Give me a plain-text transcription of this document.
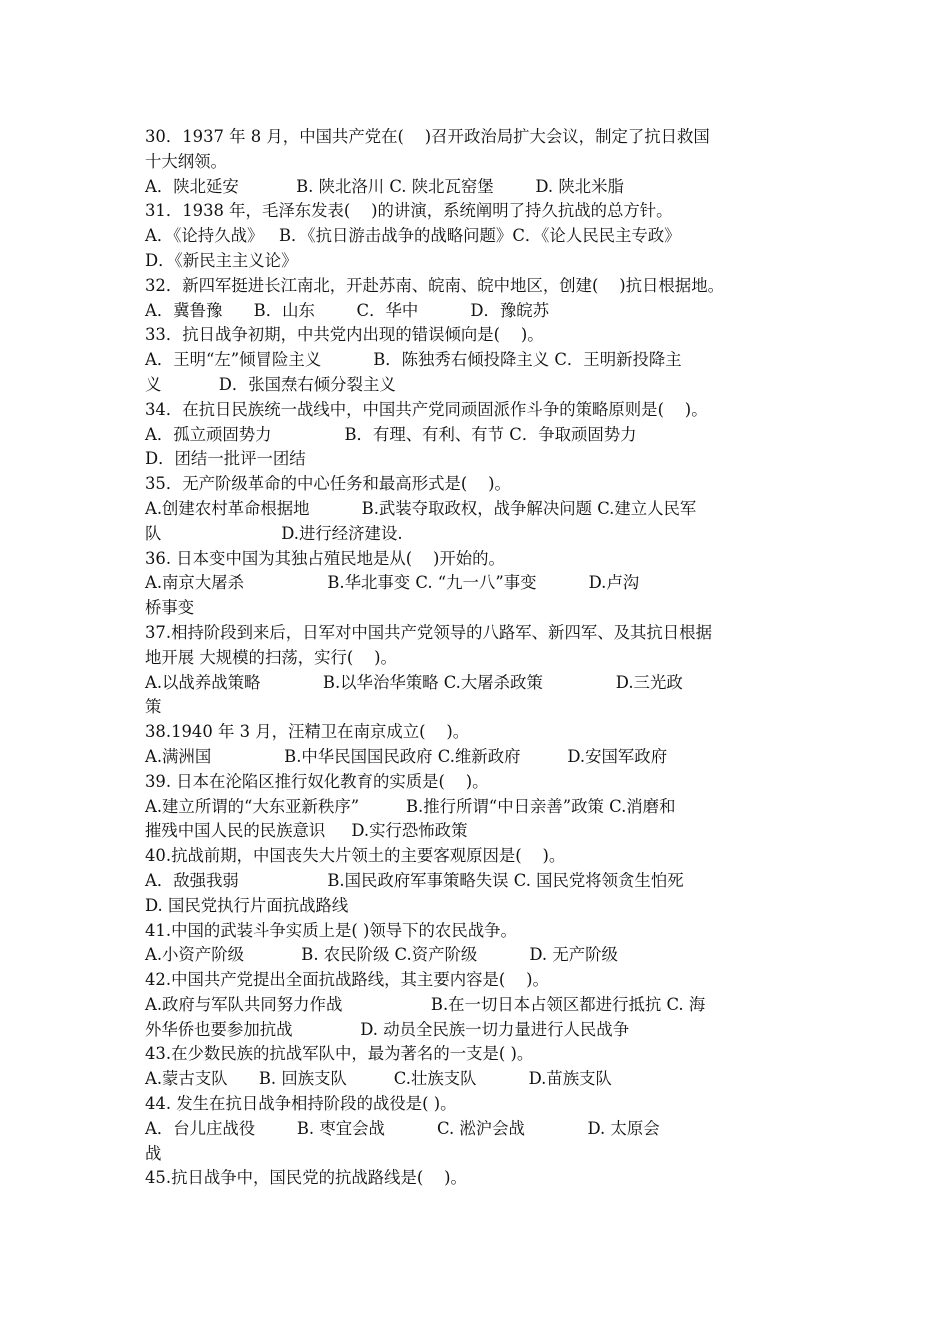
30．1937 年 8 月，中国共产党在(    )召开政治局扩大会议，制定了抗日救国
十大纲领。
A．陕北延安           B. 陕北洛川 C. 陕北瓦窑堡        D. 陕北米脂
31．1938 年，毛泽东发表(    )的讲演，系统阐明了持久抗战的总方针。
A．《论持久战》   B．《抗日游击战争的战略问题》C．《论人民民主专政》
D．《新民主主义论》
32．新四军挺进长江南北，开赴苏南、皖南、皖中地区，创建(    )抗日根据地。
A．冀鲁豫      B．山东        C．华中          D．豫皖苏
33．抗日战争初期，中共党内出现的错误倾向是(    )。
A．王明“左”倾冒险主义          B．陈独秀右倾投降主义 C．王明新投降主
义           D．张国焘右倾分裂主义
34．在抗日民族统一战线中，中国共产党同顽固派作斗争的策略原则是(    )。
A．孤立顽固势力              B．有理、有利、有节 C．争取顽固势力
D．团结一批评一团结
35．无产阶级革命的中心任务和最高形式是(    )。
A.创建农村革命根据地          B.武装夺取政权，战争解决问题 C.建立人民军
队                       D.进行经济建设.
36. 日本变中国为其独占殖民地是从(    )开始的。
A.南京大屠杀                B.华北事变 C. “九一八”事变          D.卢沟
桥事变
37.相持阶段到来后，日军对中国共产党领导的八路军、新四军、及其抗日根据
地开展 大规模的扫荡，实行(    )。
A.以战养战策略            B.以华治华策略 C.大屠杀政策              D.三光政
策
38.1940 年 3 月，汪精卫在南京成立(    )。
A.满洲国              B.中华民国国民政府 C.维新政府         D.安国军政府
39. 日本在沦陷区推行奴化教育的实质是(    )。
A.建立所谓的“大东亚新秩序”         B.推行所谓“中日亲善”政策 C.消磨和
摧残中国人民的民族意识     D.实行恐怖政策
40.抗战前期，中国丧失大片领土的主要客观原因是(    )。
A．敌强我弱                 B.国民政府军事策略失误 C. 国民党将领贪生怕死
D. 国民党执行片面抗战路线
41.中国的武装斗争实质上是( )领导下的农民战争。
A.小资产阶级           B. 农民阶级 C.资产阶级          D. 无产阶级
42.中国共产党提出全面抗战路线，其主要内容是(    )。
A.政府与军队共同努力作战                 B.在一切日本占领区都进行抵抗 C. 海
外华侨也要参加抗战             D. 动员全民族一切力量进行人民战争
43.在少数民族的抗战军队中，最为著名的一支是( )。
A.蒙古支队      B. 回族支队         C.壮族支队          D.苗族支队
44. 发生在抗日战争相持阶段的战役是( )。
A．台儿庄战役        B. 枣宜会战          C. 淞沪会战            D. 太原会
战
45.抗日战争中，国民党的抗战路线是(    )。
